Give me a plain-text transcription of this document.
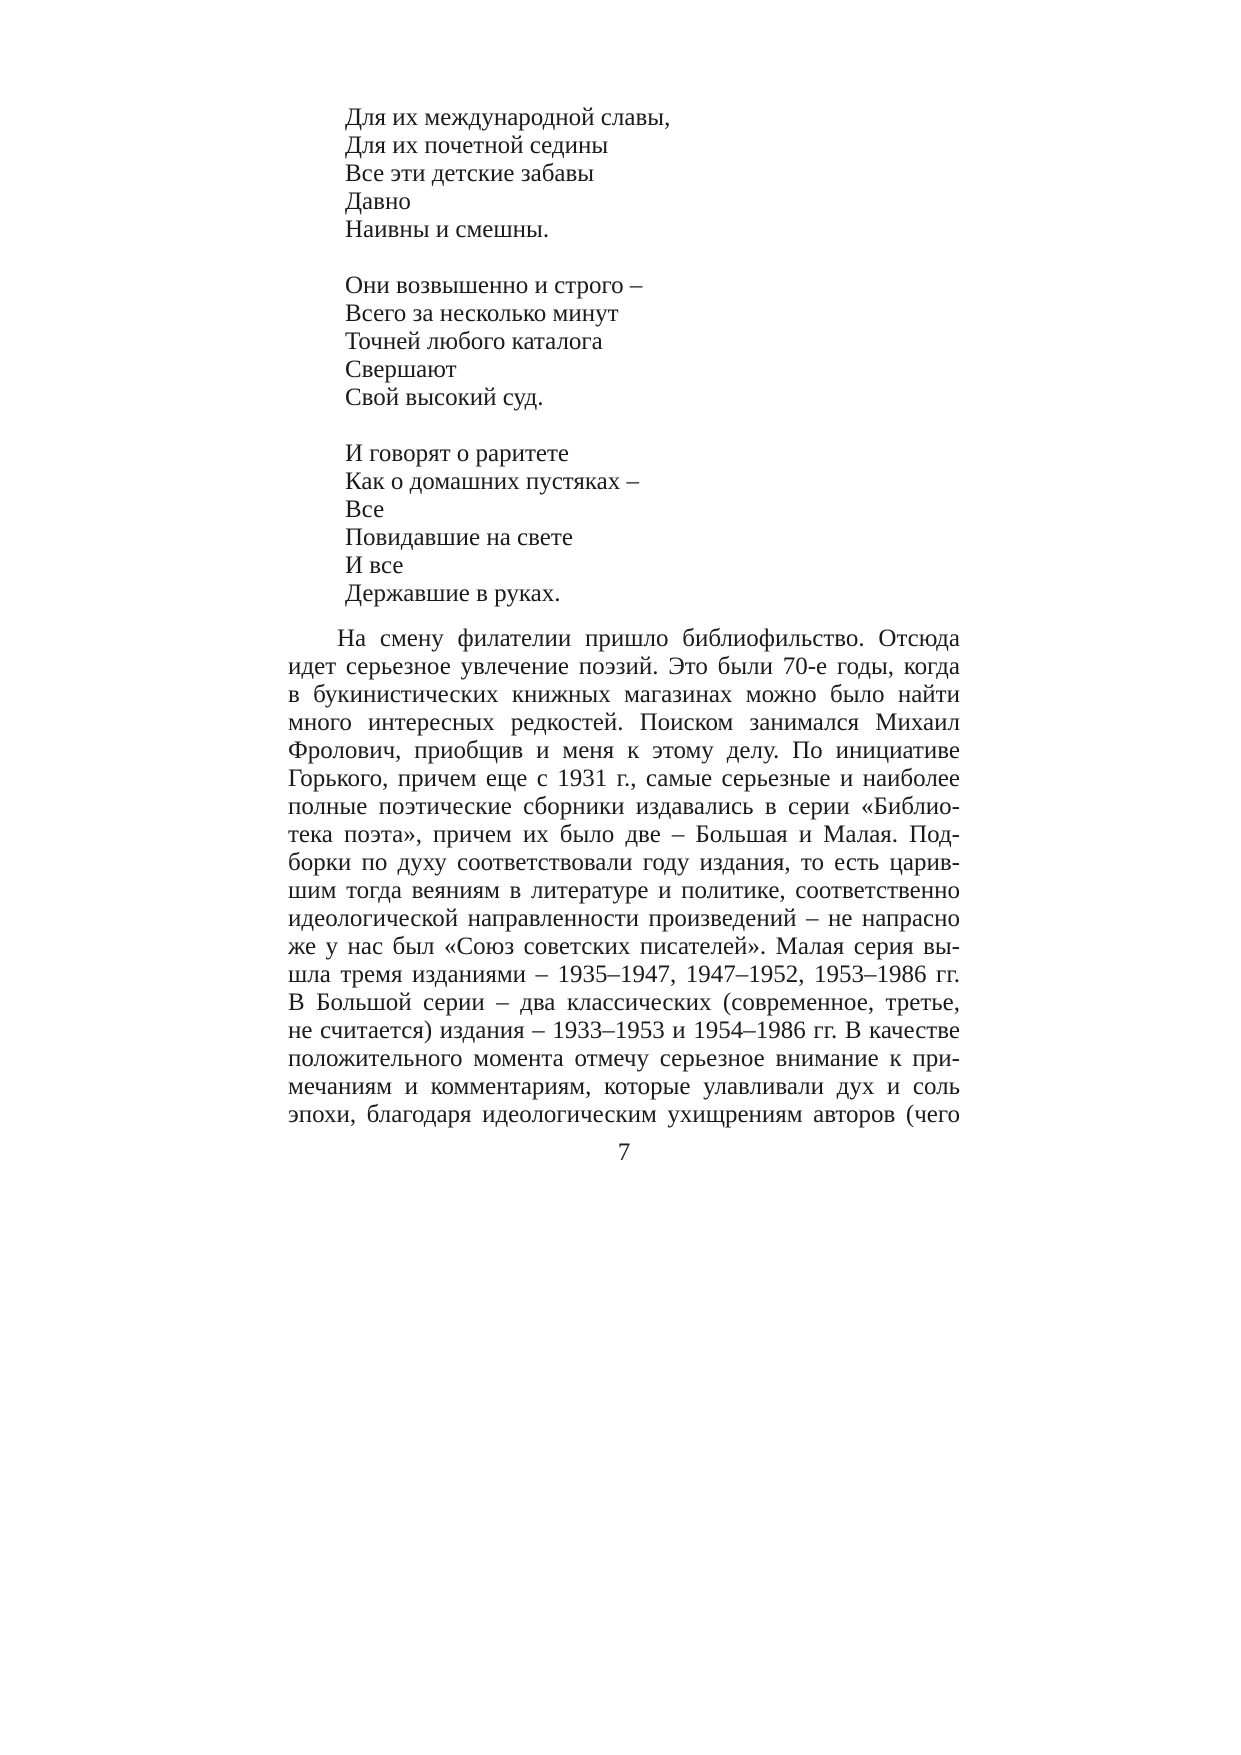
Для их международной славы,
Для их почетной седины
Все эти детские забавы
Давно
Наивны и смешны.
Они возвышенно и строго –
Всего за несколько минут
Точней любого каталога
Свершают
Свой высокий суд.
И говорят о раритете
Как о домашних пустяках –
Все
Повидавшие на свете
И все
Державшие в руках.
На смену филателии пришло библиофильство. Отсюда
идет серьезное увлечение поэзий. Это были 70-е годы, когда
в букинистических книжных магазинах можно было найти
много интересных редкостей. Поиском занимался Михаил
Фролович, приобщив и меня к этому делу. По инициативе
Горького, причем еще с 1931 г., самые серьезные и наиболее
полные поэтические сборники издавались в серии «Библио-
тека поэта», причем их было две – Большая и Малая. Под-
борки по духу соответствовали году издания, то есть царив-
шим тогда веяниям в литературе и политике, соответственно
идеологической направленности произведений – не напрасно
же у нас был «Союз советских писателей». Малая серия вы-
шла тремя изданиями – 1935–1947, 1947–1952, 1953–1986 гг.
В Большой серии – два классических (современное, третье,
не считается) издания – 1933–1953 и 1954–1986 гг. В качестве
положительного момента отмечу серьезное внимание к при-
мечаниям и комментариям, которые улавливали дух и соль
эпохи, благодаря идеологическим ухищрениям авторов (чего
7
